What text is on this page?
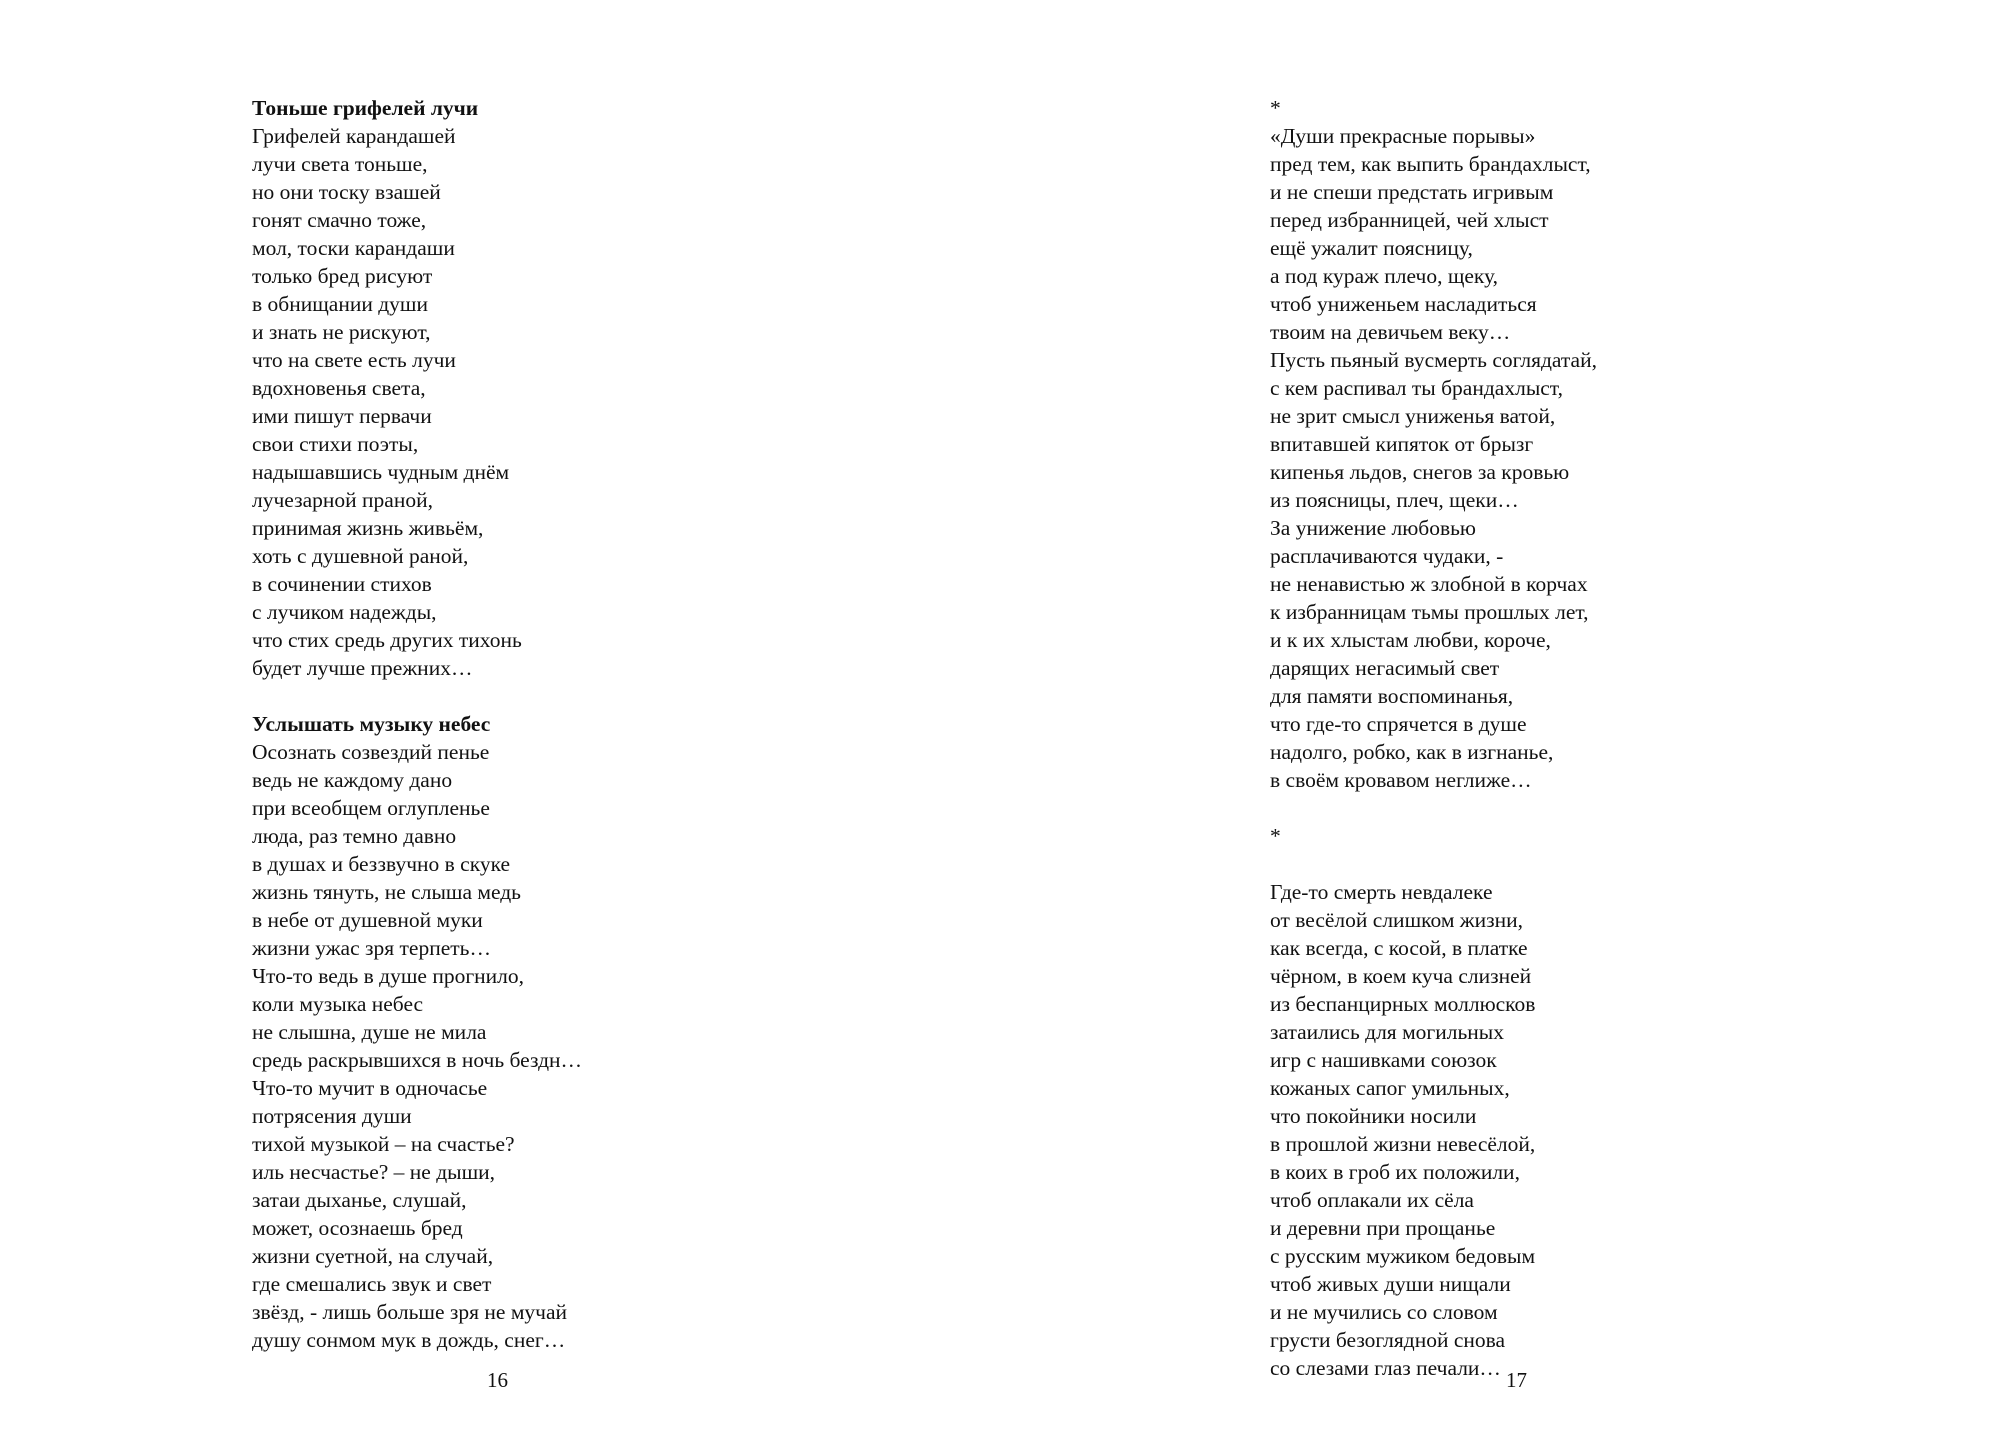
Тоньше грифелей лучи
Грифелей карандашей
лучи света тоньше,
но они тоску взашей
гонят смачно тоже,
мол, тоски карандаши
только бред рисуют
в обнищании души
и знать не рискуют,
что на свете есть лучи
вдохновенья света,
ими пишут первачи
свои стихи поэты,
надышавшись чудным днём
лучезарной праной,
принимая жизнь живьём,
хоть с душевной раной,
в сочинении стихов
с лучиком надежды,
что стих средь других тихонь
будет лучше прежних…
Услышать музыку небес
Осознать созвездий пенье
ведь не каждому дано
при всеобщем оглупленье
люда, раз темно давно
в душах и беззвучно в скуке
жизнь тянуть, не слыша медь
в небе от душевной муки
жизни ужас зря терпеть…
Что-то ведь в душе прогнило,
коли музыка небес
не слышна, душе не мила
средь раскрывшихся в ночь бездн…
Что-то мучит в одночасье
потрясения души
тихой музыкой – на счастье?
иль несчастье? – не дыши,
затаи дыханье, слушай,
может, осознаешь бред
жизни суетной, на случай,
где смешались звук и свет
звёзд, - лишь больше зря не мучай
душу сонмом мук в дождь, снег…
16
*
«Души прекрасные порывы»
пред тем, как выпить брандахлыст,
и не спеши предстать игривым
перед избранницей, чей хлыст
ещё ужалит поясницу,
а под кураж плечо, щеку,
чтоб униженьем насладиться
твоим на девичьем веку…
Пусть пьяный вусмерть соглядатай,
с кем распивал ты брандахлыст,
не зрит смысл униженья ватой,
впитавшей кипяток от брызг
кипенья льдов, снегов за кровью
из поясницы, плеч, щеки…
За унижение любовью
расплачиваются чудаки, -
не ненавистью ж злобной в корчах
к избранницам тьмы прошлых лет,
и к их хлыстам любви, короче,
дарящих негасимый свет
для памяти воспоминанья,
что где-то спрячется в душе
надолго, робко, как в изгнанье,
в своём кровавом неглиже…
*
Где-то смерть невдалеке
от весёлой слишком жизни,
как всегда, с косой, в платке
чёрном, в коем куча слизней
из беспанцирных моллюсков
затаились для могильных
игр с нашивками союзок
кожаных сапог умильных,
что покойники носили
в прошлой жизни невесёлой,
в коих в гроб их положили,
чтоб оплакали их сёла
и деревни при прощанье
с русским мужиком бедовым
чтоб живых души нищали
и не мучились со словом
грусти безоглядной снова
со слезами глаз печали… 17
